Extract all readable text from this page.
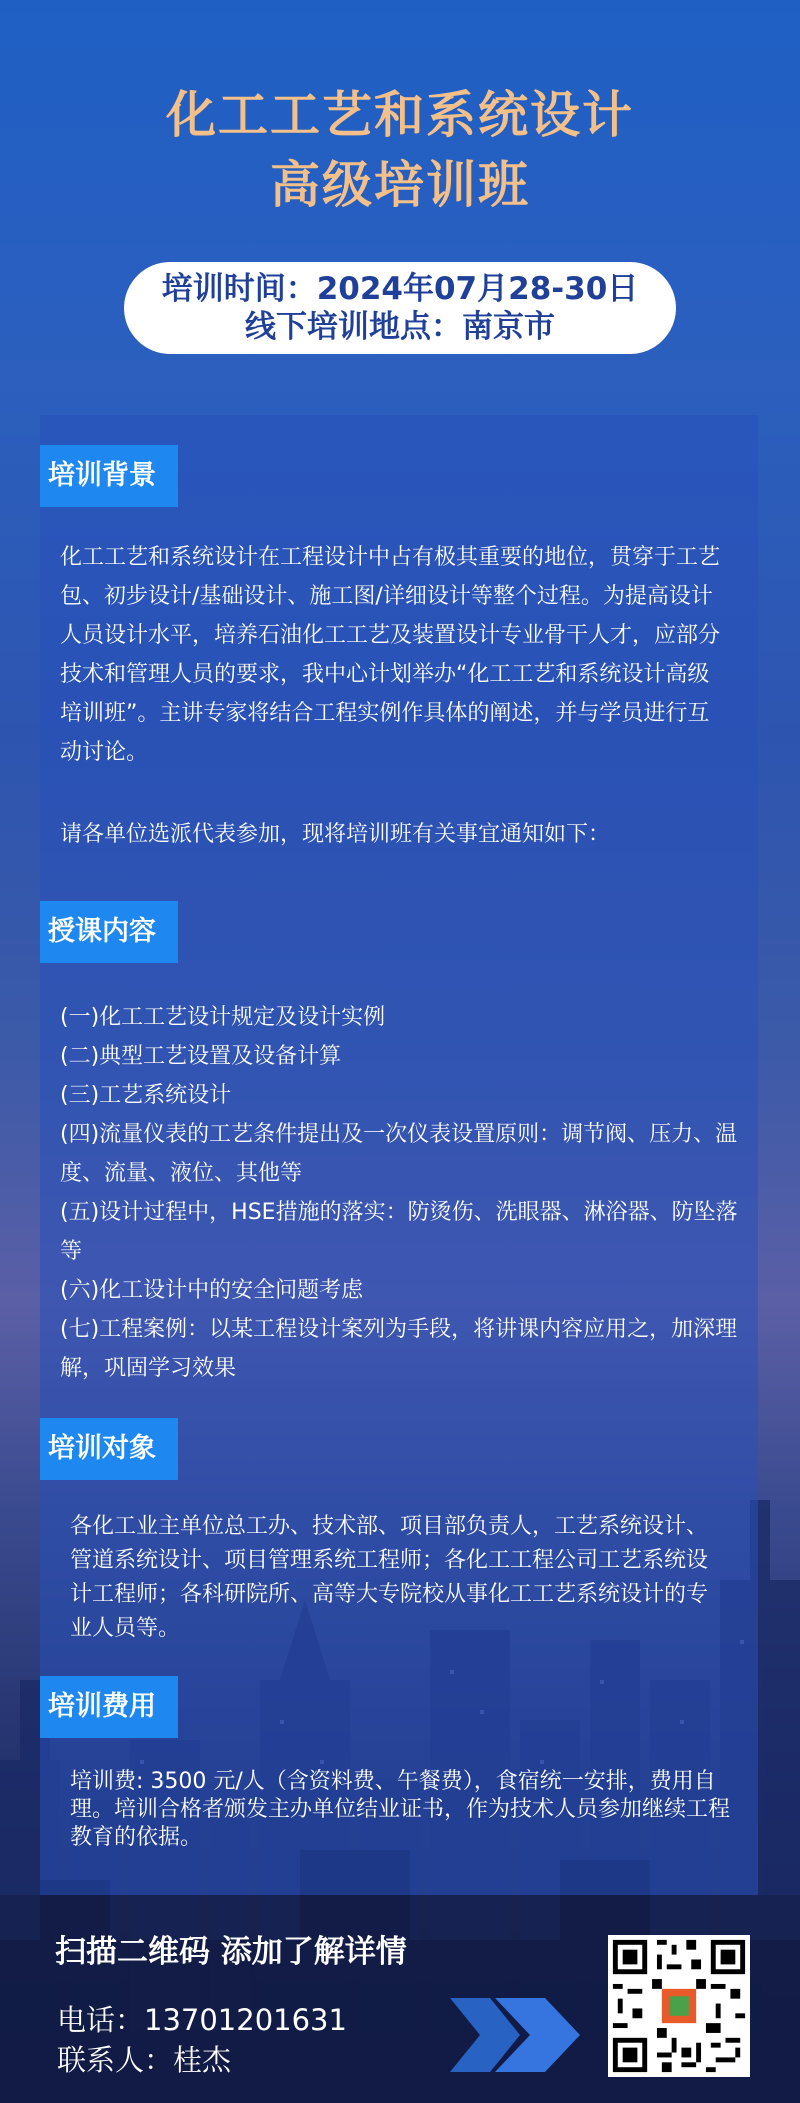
化工工艺和系统设计
高级培训班
培训时间：2024年07月28-30日
线下培训地点：南京市
培训背景
化工工艺和系统设计在工程设计中占有极其重要的地位，贯穿于工艺包、初步设计/基础设计、施工图/详细设计等整个过程。为提高设计人员设计水平，培养石油化工工艺及装置设计专业骨干人才，应部分技术和管理人员的要求，我中心计划举办“化工工艺和系统设计高级培训班”。主讲专家将结合工程实例作具体的阐述，并与学员进行互动讨论。
请各单位选派代表参加，现将培训班有关事宜通知如下：
授课内容
(一)化工工艺设计规定及设计实例
(二)典型工艺设置及设备计算
(三)工艺系统设计
(四)流量仪表的工艺条件提出及一次仪表设置原则：调节阀、压力、温度、流量、液位、其他等
(五)设计过程中，HSE措施的落实：防烫伤、洗眼器、淋浴器、防坠落等
(六)化工设计中的安全问题考虑
(七)工程案例：以某工程设计案列为手段，将讲课内容应用之，加深理解，巩固学习效果
培训对象
各化工业主单位总工办、技术部、项目部负责人，工艺系统设计、管道系统设计、项目管理系统工程师；各化工工程公司工艺系统设计工程师；各科研院所、高等大专院校从事化工工艺系统设计的专业人员等。
培训费用
培训费: 3500 元/人（含资料费、午餐费），食宿统一安排，费用自理。培训合格者颁发主办单位结业证书，作为技术人员参加继续工程教育的依据。
扫描二维码 添加了解详情
电话：13701201631
联系人：桂杰
